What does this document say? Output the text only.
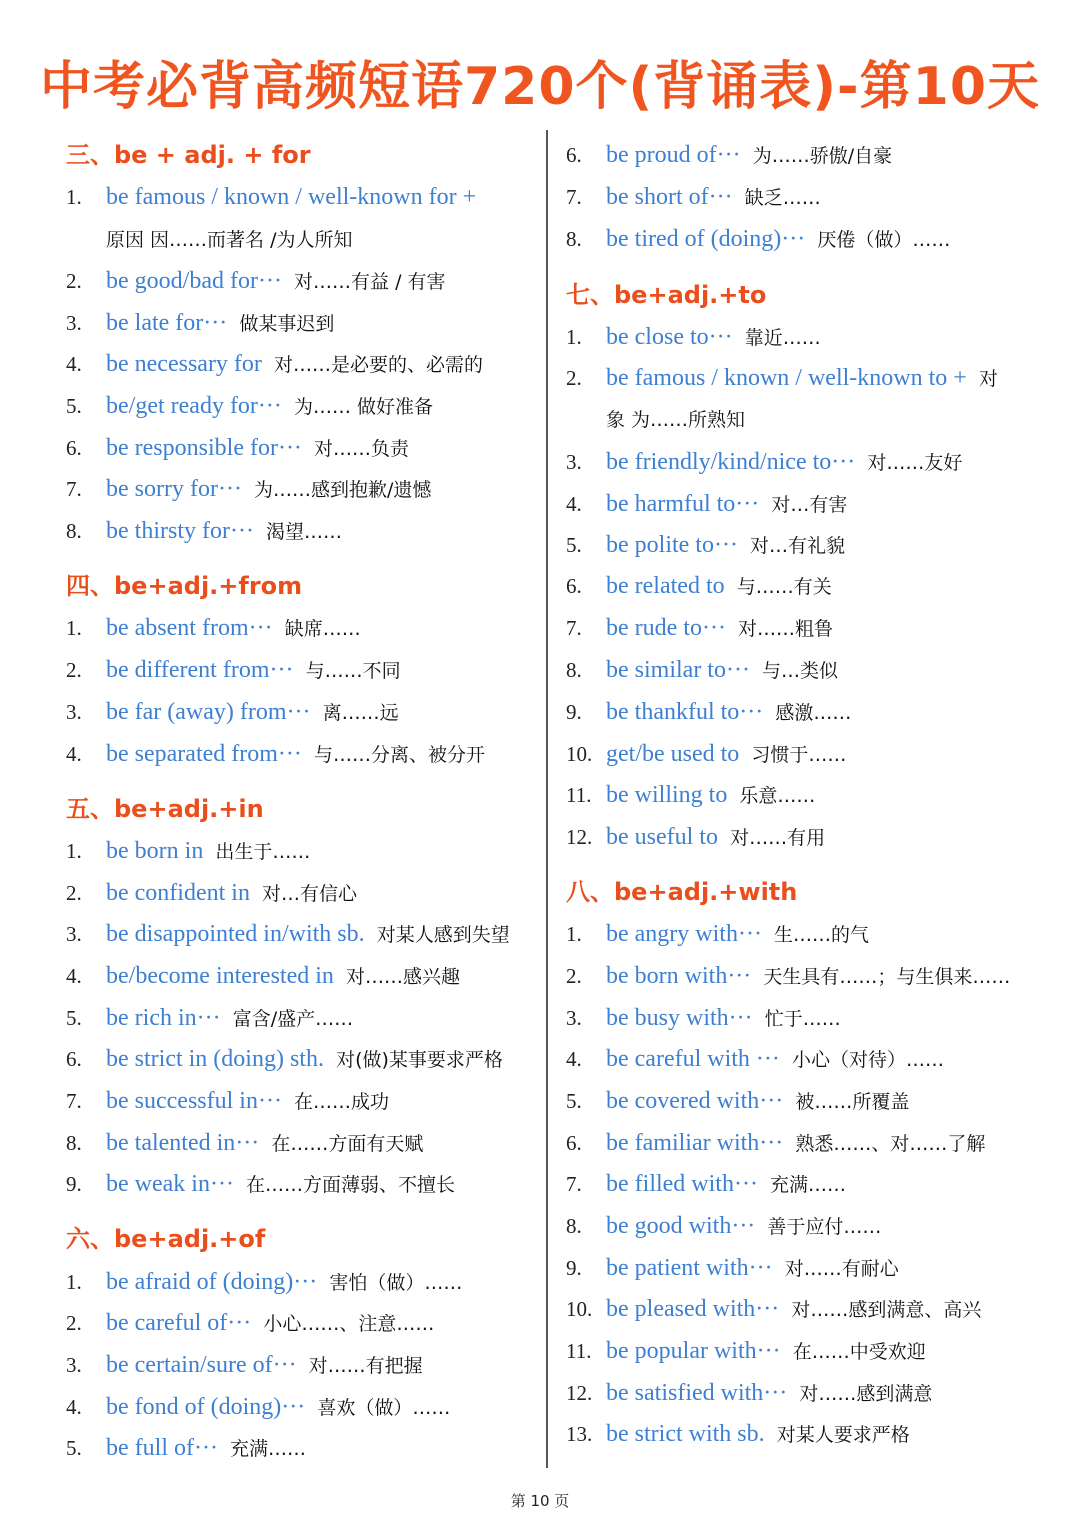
中考必背高频短语720个(背诵表)-第10天
三、be + adj. + for
1. be famous / known / well-known for +
原因 因……而著名 /为人所知
2. be good/bad for··· 对……有益 / 有害
3. be late for··· 做某事迟到
4. be necessary for 对……是必要的、必需的
5. be/get ready for··· 为…… 做好准备
6. be responsible for··· 对……负责
7. be sorry for··· 为……感到抱歉/遗憾
8. be thirsty for··· 渴望……
四、be+adj.+from
1. be absent from··· 缺席……
2. be different from··· 与……不同
3. be far (away) from··· 离……远
4. be separated from··· 与……分离、被分开
五、be+adj.+in
1. be born in 出生于……
2. be confident in 对…有信心
3. be disappointed in/with sb. 对某人感到失望
4. be/become interested in 对……感兴趣
5. be rich in··· 富含/盛产……
6. be strict in (doing) sth. 对(做)某事要求严格
7. be successful in··· 在……成功
8. be talented in··· 在……方面有天赋
9. be weak in··· 在……方面薄弱、不擅长
六、be+adj.+of
1. be afraid of (doing)··· 害怕（做）……
2. be careful of··· 小心……、注意……
3. be certain/sure of··· 对……有把握
4. be fond of (doing)··· 喜欢（做）……
5. be full of··· 充满……
6. be proud of··· 为……骄傲/自豪
7. be short of··· 缺乏……
8. be tired of (doing)··· 厌倦（做）……
七、be+adj.+to
1. be close to··· 靠近……
2. be famous / known / well-known to + 对
象 为……所熟知
3. be friendly/kind/nice to··· 对……友好
4. be harmful to··· 对…有害
5. be polite to··· 对…有礼貌
6. be related to 与……有关
7. be rude to··· 对……粗鲁
8. be similar to··· 与…类似
9. be thankful to··· 感激……
10. get/be used to 习惯于……
11. be willing to 乐意……
12. be useful to 对……有用
八、be+adj.+with
1. be angry with··· 生……的气
2. be born with··· 天生具有……；与生俱来……
3. be busy with··· 忙于……
4. be careful with ··· 小心（对待）……
5. be covered with··· 被……所覆盖
6. be familiar with··· 熟悉……、对……了解
7. be filled with··· 充满……
8. be good with··· 善于应付……
9. be patient with··· 对……有耐心
10. be pleased with··· 对……感到满意、高兴
11. be popular with··· 在……中受欢迎
12. be satisfied with··· 对……感到满意
13. be strict with sb. 对某人要求严格
第 10 页
